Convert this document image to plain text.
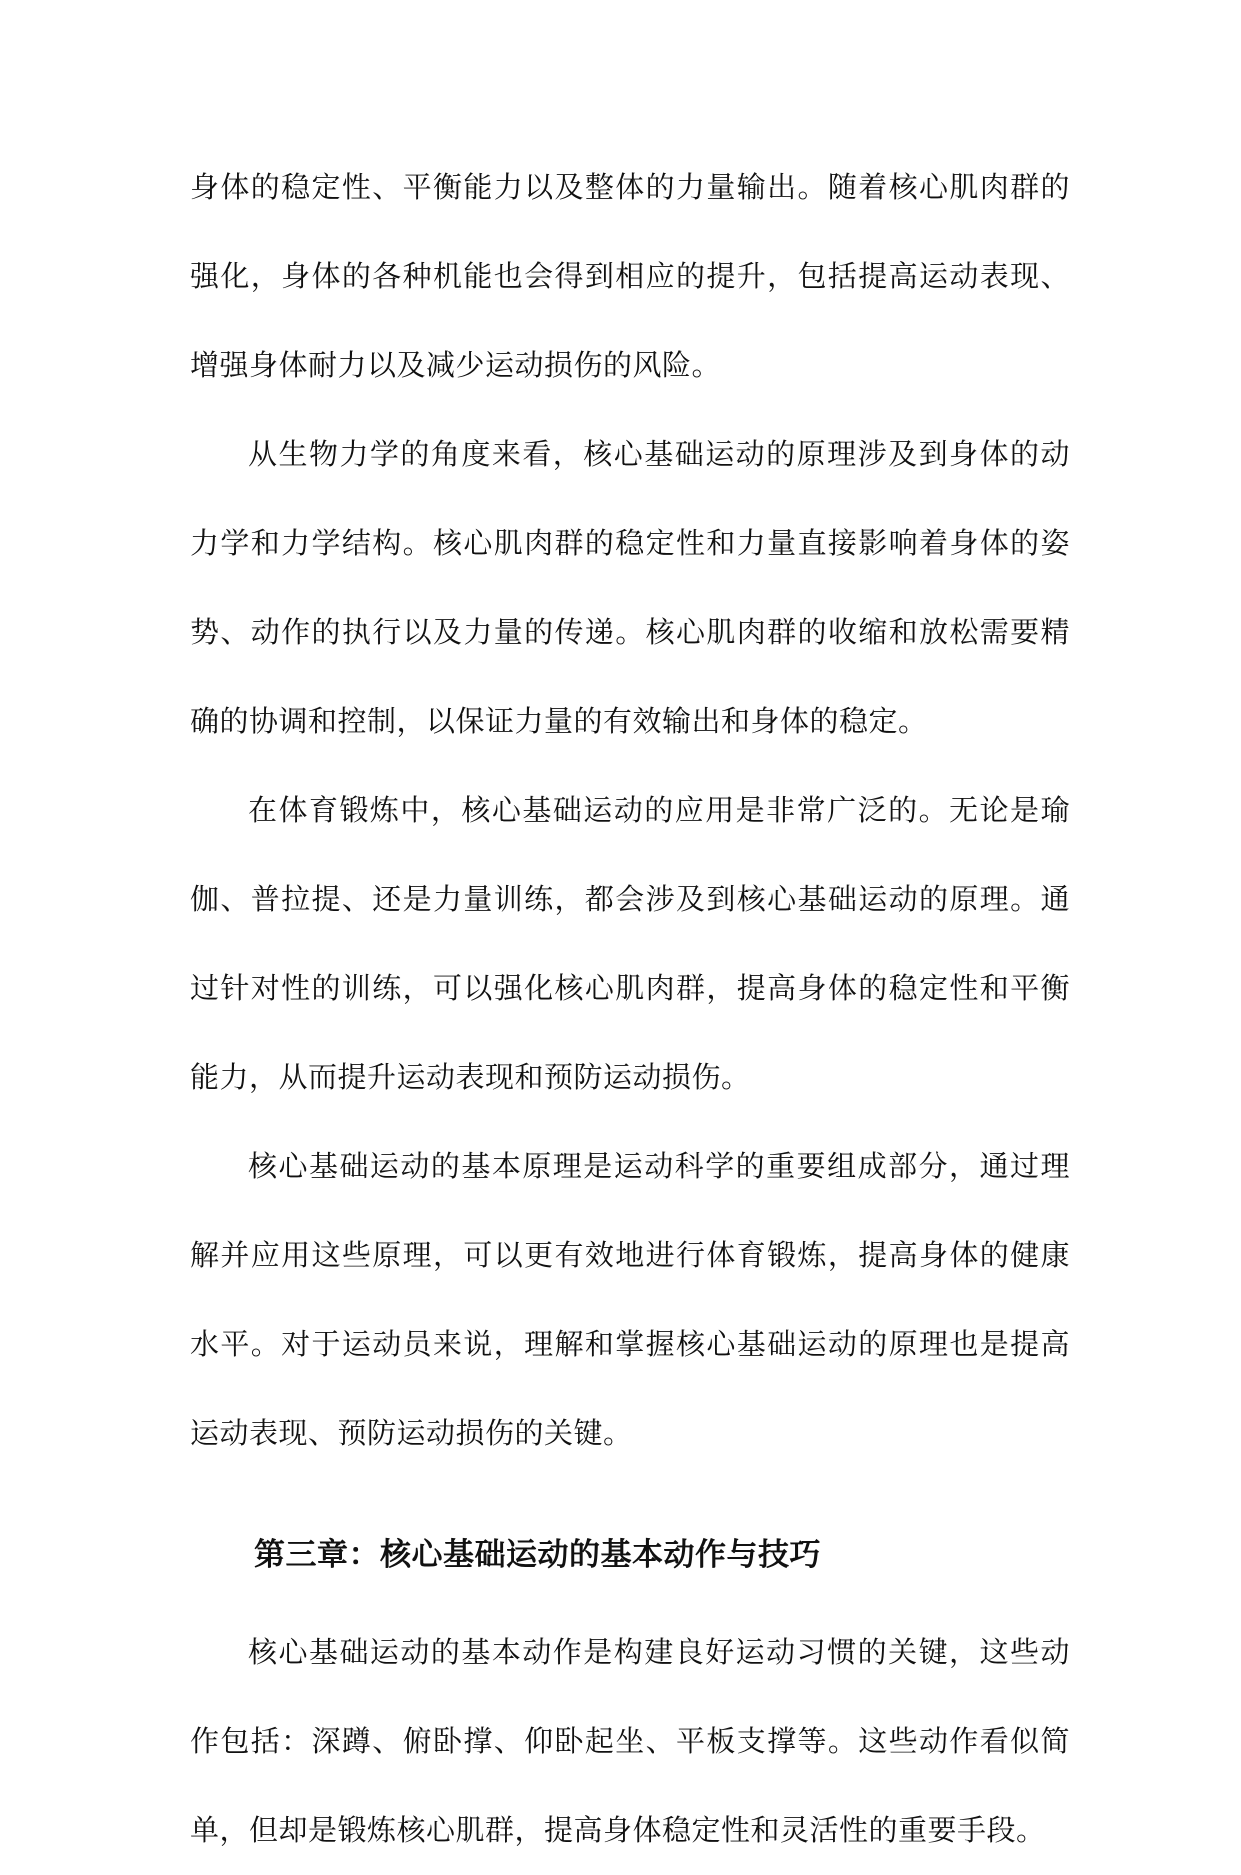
身体的稳定性、平衡能力以及整体的力量输出。随着核心肌肉群的强化，身体的各种机能也会得到相应的提升，包括提高运动表现、增强身体耐力以及减少运动损伤的风险。

从生物力学的角度来看，核心基础运动的原理涉及到身体的动力学和力学结构。核心肌肉群的稳定性和力量直接影响着身体的姿势、动作的执行以及力量的传递。核心肌肉群的收缩和放松需要精确的协调和控制，以保证力量的有效输出和身体的稳定。

在体育锻炼中，核心基础运动的应用是非常广泛的。无论是瑜伽、普拉提、还是力量训练，都会涉及到核心基础运动的原理。通过针对性的训练，可以强化核心肌肉群，提高身体的稳定性和平衡能力，从而提升运动表现和预防运动损伤。

核心基础运动的基本原理是运动科学的重要组成部分，通过理解并应用这些原理，可以更有效地进行体育锻炼，提高身体的健康水平。对于运动员来说，理解和掌握核心基础运动的原理也是提高运动表现、预防运动损伤的关键。

第三章：核心基础运动的基本动作与技巧

核心基础运动的基本动作是构建良好运动习惯的关键，这些动作包括：深蹲、俯卧撑、仰卧起坐、平板支撑等。这些动作看似简单，但却是锻炼核心肌群，提高身体稳定性和灵活性的重要手段。
